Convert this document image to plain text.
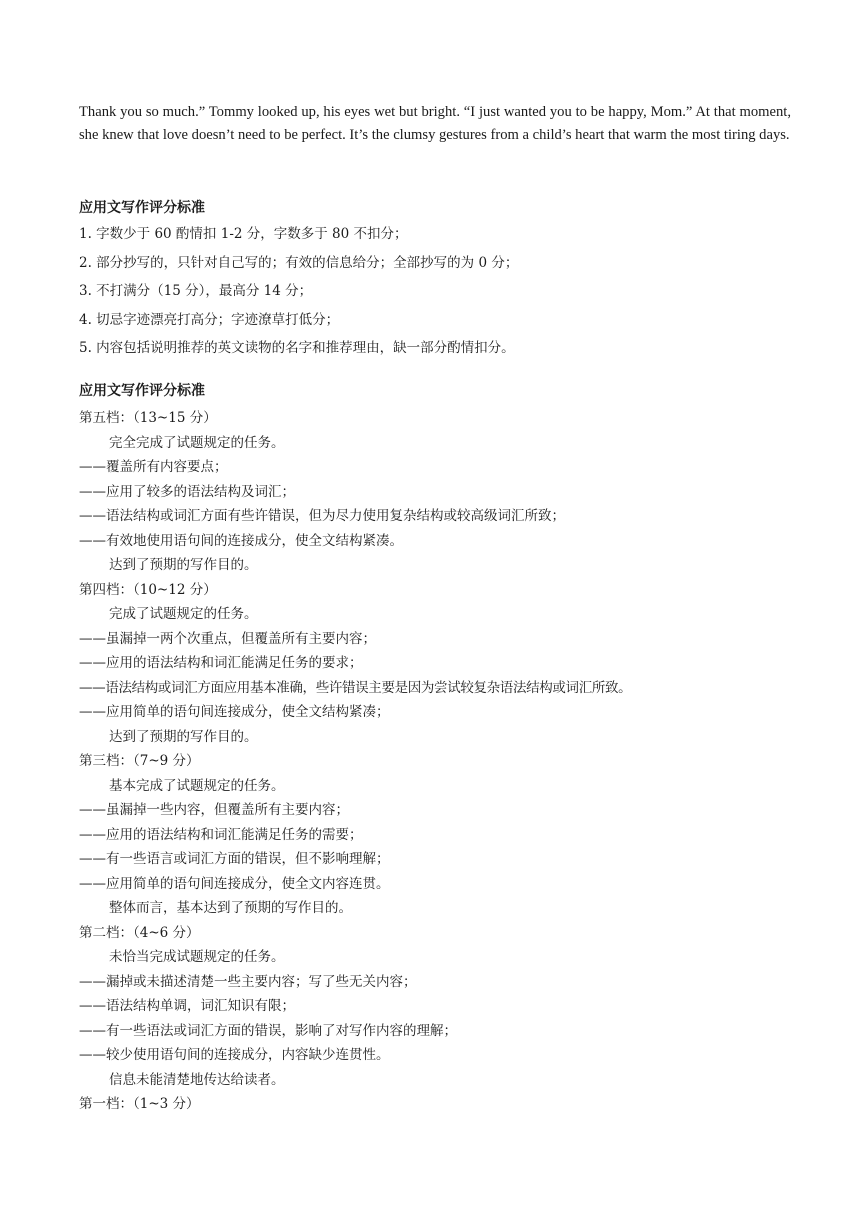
Thank you so much.” Tommy looked up, his eyes wet but bright. “I just wanted you to be happy, Mom.” At that moment, she knew that love doesn’t need to be perfect. It’s the clumsy gestures from a child’s heart that warm the most tiring days.

应用文写作评分标准
1. 字数少于 60 酌情扣 1-2 分，字数多于 80 不扣分；
2. 部分抄写的，只针对自己写的；有效的信息给分；全部抄写的为 0 分；
3. 不打满分（15 分），最高分 14 分；
4. 切忌字迹漂亮打高分；字迹潦草打低分；
5. 内容包括说明推荐的英文读物的名字和推荐理由，缺一部分酌情扣分。
应用文写作评分标准
第五档：（13~15 分）
完全完成了试题规定的任务。
——覆盖所有内容要点；
——应用了较多的语法结构及词汇；
——语法结构或词汇方面有些许错误，但为尽力使用复杂结构或较高级词汇所致；
——有效地使用语句间的连接成分，使全文结构紧凑。
达到了预期的写作目的。
第四档：（10~12 分）
完成了试题规定的任务。
——虽漏掉一两个次重点，但覆盖所有主要内容；
——应用的语法结构和词汇能满足任务的要求；
——语法结构或词汇方面应用基本准确，些许错误主要是因为尝试较复杂语法结构或词汇所致。
——应用简单的语句间连接成分，使全文结构紧凑；
达到了预期的写作目的。
第三档：（7~9 分）
基本完成了试题规定的任务。
——虽漏掉一些内容，但覆盖所有主要内容；
——应用的语法结构和词汇能满足任务的需要；
——有一些语言或词汇方面的错误，但不影响理解；
——应用简单的语句间连接成分，使全文内容连贯。
整体而言，基本达到了预期的写作目的。
第二档：（4~6 分）
未恰当完成试题规定的任务。
——漏掉或未描述清楚一些主要内容；写了些无关内容；
——语法结构单调，词汇知识有限；
——有一些语法或词汇方面的错误，影响了对写作内容的理解；
——较少使用语句间的连接成分，内容缺少连贯性。
信息未能清楚地传达给读者。
第一档：（1~3 分）
